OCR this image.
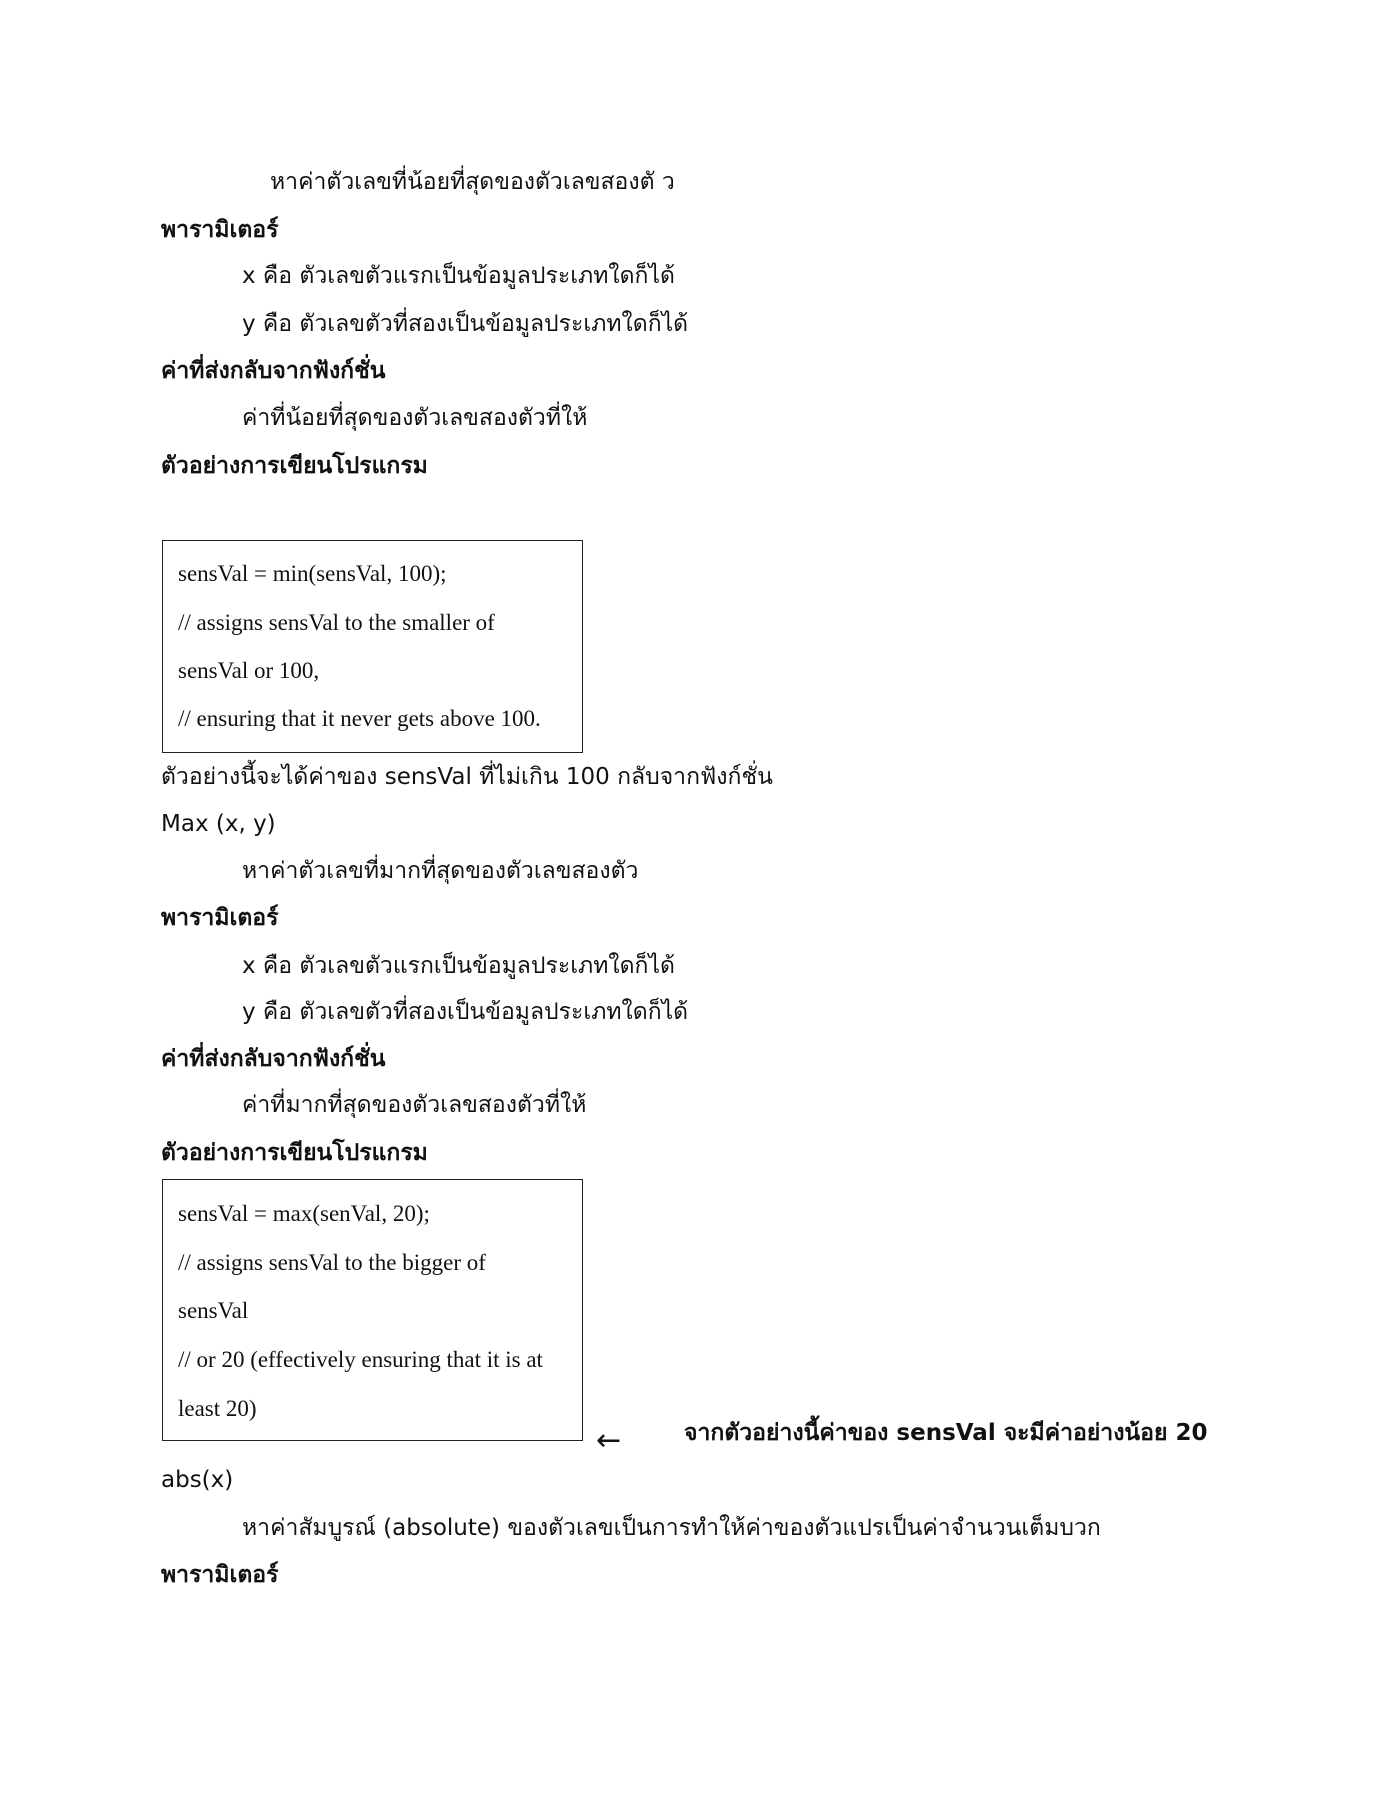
หาค่าตัวเลขที่น้อยที่สุดของตัวเลขสองตั ว
พารามิเตอร์
x คือ ตัวเลขตัวแรกเป็นข้อมูลประเภทใดก็ได้
y คือ ตัวเลขตัวที่สองเป็นข้อมูลประเภทใดก็ได้
ค่าที่ส่งกลับจากฟังก์ชั่น
ค่าที่น้อยที่สุดของตัวเลขสองตัวที่ให้
ตัวอย่างการเขียนโปรแกรม
sensVal = min(sensVal, 100);
// assigns sensVal to the smaller of
sensVal or 100,
// ensuring that it never gets above 100.
ตัวอย่างนี้จะได้ค่าของ sensVal ที่ไม่เกิน 100 กลับจากฟังก์ชั่น
Max (x, y)
หาค่าตัวเลขที่มากที่สุดของตัวเลขสองตัว
พารามิเตอร์
x คือ ตัวเลขตัวแรกเป็นข้อมูลประเภทใดก็ได้
y คือ ตัวเลขตัวที่สองเป็นข้อมูลประเภทใดก็ได้
ค่าที่ส่งกลับจากฟังก์ชั่น
ค่าที่มากที่สุดของตัวเลขสองตัวที่ให้
ตัวอย่างการเขียนโปรแกรม
sensVal = max(senVal, 20);
// assigns sensVal to the bigger of
sensVal
// or 20 (effectively ensuring that it is at
least 20)
←	จากตัวอย่างนี้ค่าของ sensVal จะมีค่าอย่างน้อย 20
abs(x)
หาค่าสัมบูรณ์ (absolute) ของตัวเลขเป็นการทำให้ค่าของตัวแปรเป็นค่าจำนวนเต็มบวก
พารามิเตอร์
